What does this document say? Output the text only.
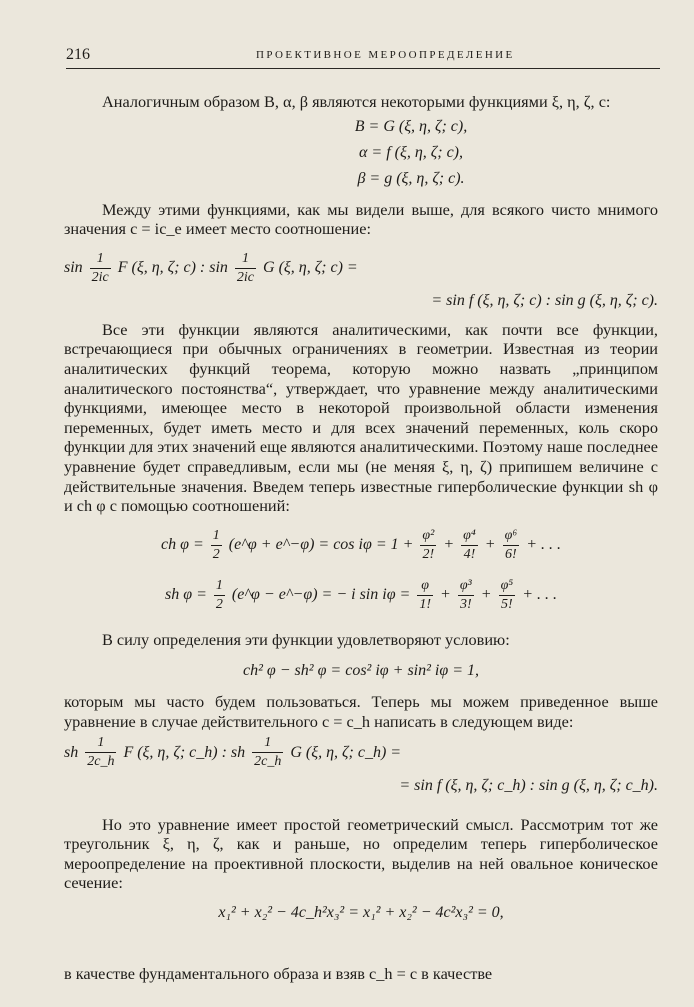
216	ПРОЕКТИВНОЕ МЕРООПРЕДЕЛЕНИЕ

Аналогичным образом B, α, β являются некоторыми функциями ξ, η, ζ, c:

B = G (ξ, η, ζ; c),
α = f (ξ, η, ζ; c),
β = g (ξ, η, ζ; c).

Между этими функциями, как мы видели выше, для всякого чисто мнимого значения c = ic_e имеет место соотношение:

$\sin \frac{1}{2ic}$ F (ξ, η, ζ; c) : $\sin \frac{1}{2ic}$ G (ξ, η, ζ; c) =
= sin f (ξ, η, ζ; c) : sin g (ξ, η, ζ; c).

Все эти функции являются аналитическими, как почти все функции, встречающиеся при обычных ограничениях в геометрии. Известная из теории аналитических функций теорема, которую можно назвать „принципом аналитического постоянства“, утверждает, что уравнение между аналитическими функциями, имеющее место в некоторой произвольной области изменения переменных, будет иметь место и для всех значений переменных, коль скоро функции для этих значений еще являются аналитическими. Поэтому наше последнее уравнение будет справедливым, если мы (не меняя ξ, η, ζ) припишем величине c действительные значения. Введем теперь известные гиперболические функции sh φ и ch φ с помощью соотношений:

ch $\varphi = \frac{1}{2}$ (e^φ + e^−φ) = $\cos i\varphi = 1 + \frac{\text{φ²}}{2!} + \frac{\text{φ⁴}}{4!} + \frac{\text{φ⁶}}{6!}$ + . . .
sh $\varphi = \frac{1}{2}$ (e^φ − e^−φ) = − i $\sin i\varphi = \frac{\varphi}{1!} + \frac{\text{φ³}}{3!} + \frac{\text{φ⁵}}{5!}$ + . . .

В силу определения эти функции удовлетворяют условию:

ch² φ − sh² φ = cos² iφ + sin² iφ = 1,

которым мы часто будем пользоваться. Теперь мы можем приведенное выше уравнение в случае действительного c = c_h написать в следующем виде:

sh $\frac{1}{2c\_h}$ F (ξ, η, ζ; c_h) : sh $\frac{1}{2c\_h}$ G (ξ, η, ζ; c_h) =
= sin f (ξ, η, ζ; c_h) : sin g (ξ, η, ζ; c_h).

Но это уравнение имеет простой геометрический смысл. Рассмотрим тот же треугольник ξ, η, ζ, как и раньше, но определим теперь гиперболическое мероопределение на проективной плоскости, выделив на ней овальное коническое сечение:

x₁² + x₂² − 4c_h²x₃² = x₁² + x₂² − 4c²x₃² = 0,

в качестве фундаментального образа и взяв c_h = c в качестве
